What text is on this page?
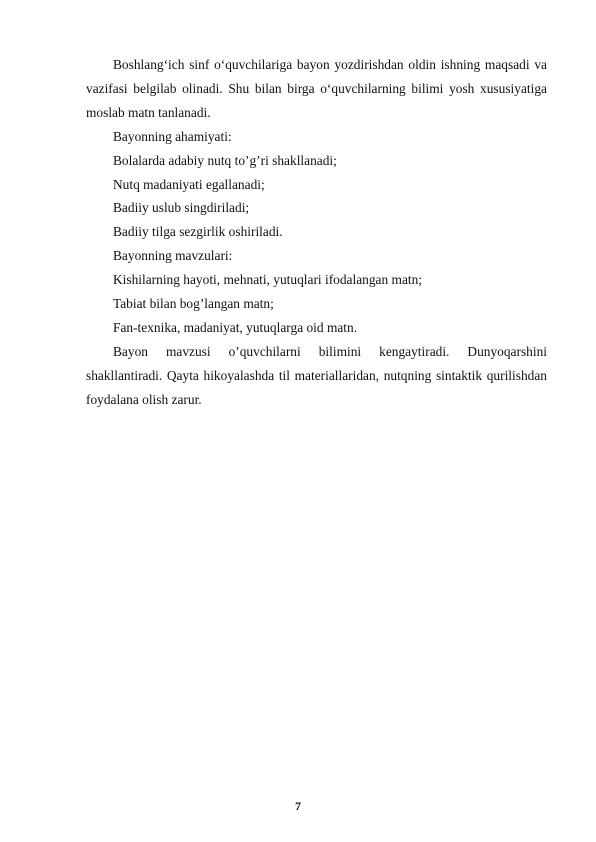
Boshlang‘ich sinf o‘quvchilariga bayon yozdirishdan oldin ishning maqsadi va vazifasi belgilab olinadi. Shu bilan birga o‘quvchilarning bilimi yosh xususiyatiga moslab matn tanlanadi.

Bayonning ahamiyati:

Bolalarda adabiy nutq to’g’ri shakllanadi;

Nutq madaniyati egallanadi;

Badiiy uslub singdiriladi;

Badiiy tilga sezgirlik oshiriladi.

Bayonning mavzulari:

Kishilarning hayoti, mehnati, yutuqlari ifodalangan matn;

Tabiat bilan bog’langan matn;

Fan-texnika, madaniyat, yutuqlarga oid matn.

Bayon mavzusi o’quvchilarni bilimini kengaytiradi. Dunyoqarshini shakllantiradi. Qayta hikoyalashda til materiallaridan, nutqning sintaktik qurilishdan foydalana olish zarur.

7
